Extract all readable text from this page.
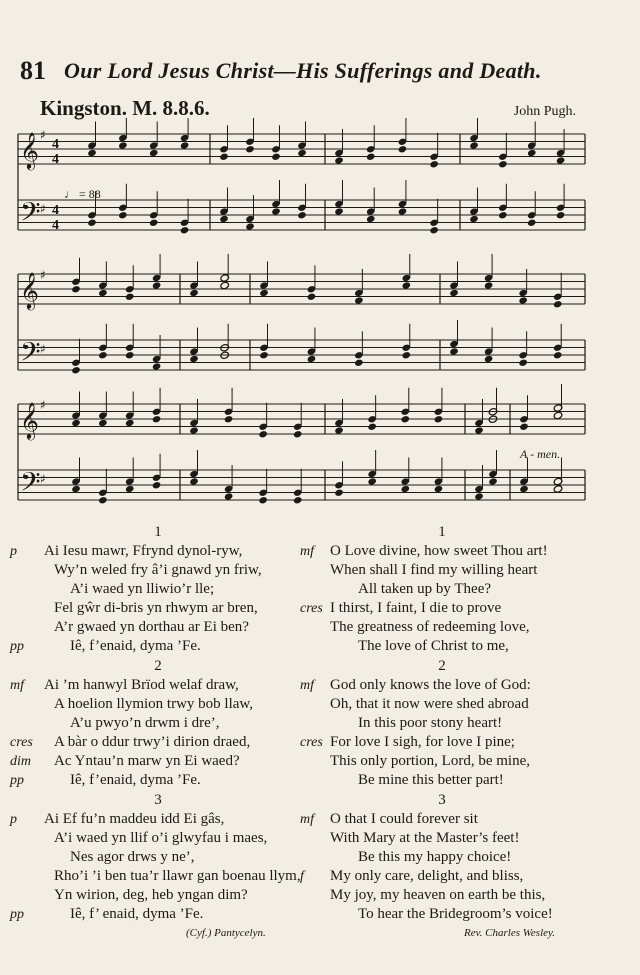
81 Our Lord Jesus Christ—His Sufferings and Death.
Kingston. M. 8.8.6.	John Pugh.
𝄞 ♯
𝄢 ♯
𝄞 ♯
𝄢 ♯
𝄞 ♯
𝄢 ♯
4
4
4
4
♩ = 88
A - men.
1
p	Ai Iesu mawr, Ffrynd dynol-ryw,
Wy’n weled fry â’i gnawd yn friw,
A’i waed yn lliwio’r lle;
Fel gŵr di-bris yn rhwym ar bren,
A’r gwaed yn dorthau ar Ei ben?
pp	Iê, f’enaid, dyma ’Fe.
2
mf	Ai ’m hanwyl Brïod welaf draw,
A hoelion llymion trwy bob llaw,
A’u pwyo’n drwm i dre’,
cres	A bàr o ddur trwy’i dirion draed,
dim	Ac Yntau’n marw yn Ei waed?
pp	Iê, f’enaid, dyma ’Fe.
3
p	Ai Ef fu’n maddeu idd Ei gâs,
A’i waed yn llif o’i glwyfau i maes,
Nes agor drws y ne’,
Rho’i ’i ben tua’r llawr gan boenau llym,
Yn wirion, deg, heb yngan dim?
pp	Iê, f’ enaid, dyma ’Fe.
(Cyf.) Pantycelyn.
1
mf	O Love divine, how sweet Thou art!
When shall I find my willing heart
All taken up by Thee?
cres I thirst, I faint, I die to prove
The greatness of redeeming love,
The love of Christ to me,
2
mf	God only knows the love of God:
Oh, that it now were shed abroad
In this poor stony heart!
cres For love I sigh, for love I pine;
This only portion, Lord, be mine,
Be mine this better part!
3
mf	O that I could forever sit
With Mary at the Master’s feet!
Be this my happy choice!
f	My only care, delight, and bliss,
My joy, my heaven on earth be this,
To hear the Bridegroom’s voice!
Rev. Charles Wesley.
